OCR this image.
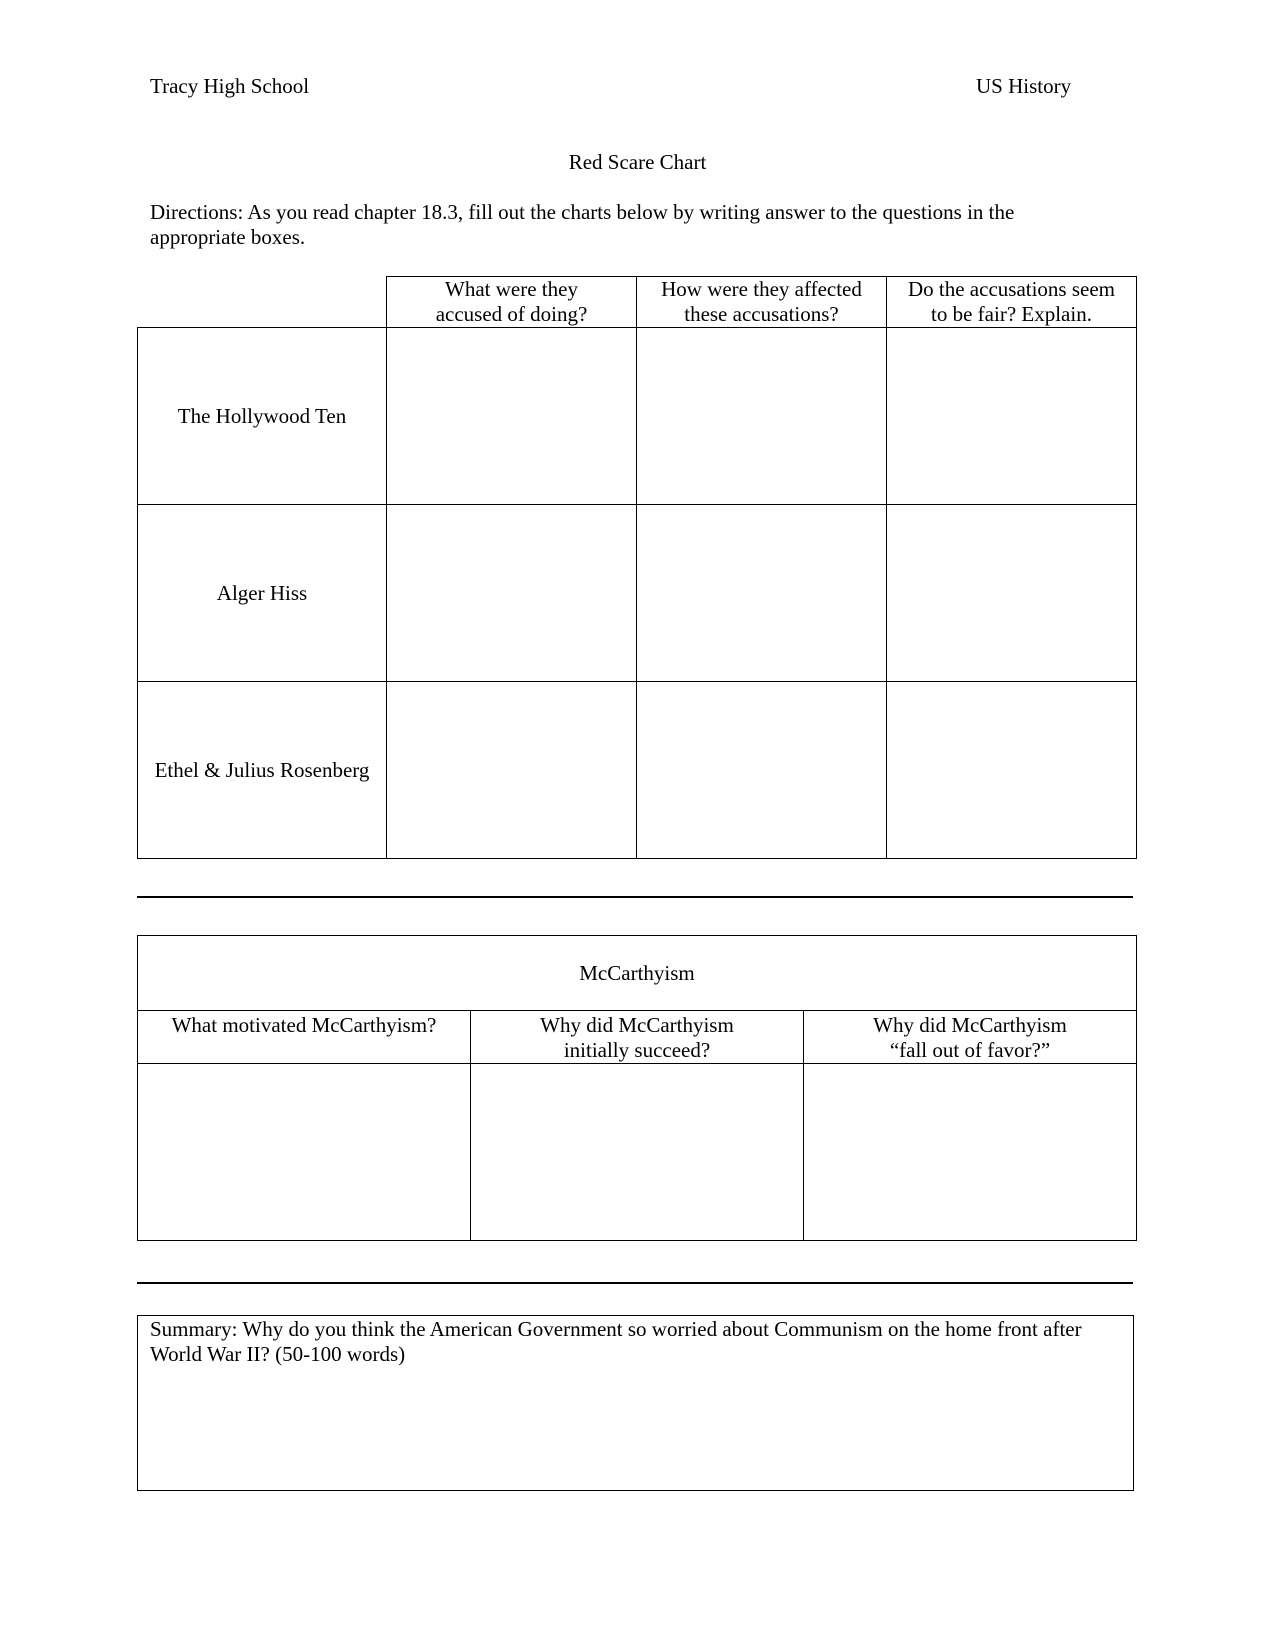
Tracy High School	US History
Red Scare Chart
Directions: As you read chapter 18.3, fill out the charts below by writing answer to the questions in the appropriate boxes.
	What were they accused of doing?	How were they affected these accusations?	Do the accusations seem to be fair? Explain.
The Hollywood Ten			
Alger Hiss			
Ethel & Julius Rosenberg			
McCarthyism		
What motivated McCarthyism?	Why did McCarthyism initially succeed?	Why did McCarthyism “fall out of favor?”

Summary: Why do you think the American Government so worried about Communism on the home front after World War II? (50-100 words)
